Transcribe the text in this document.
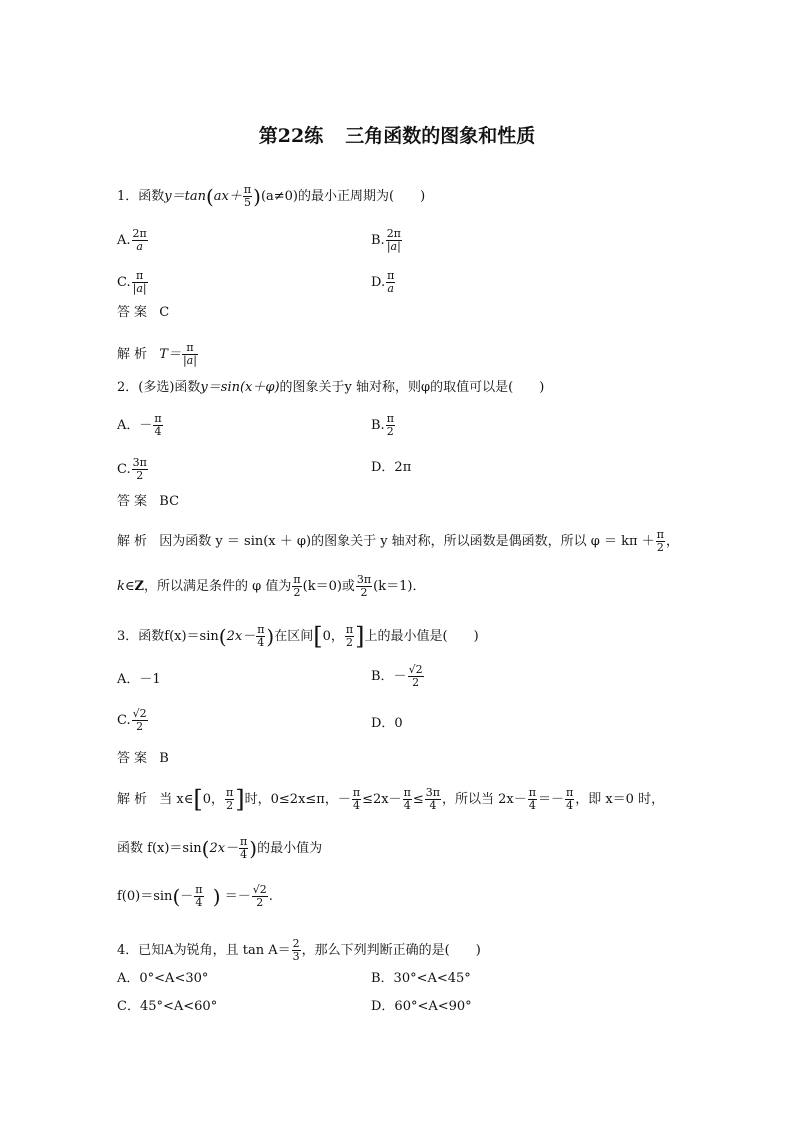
第22练 三角函数的图象和性质
1．函数$y=\tan(ax+ \frac{\pi}{5} )(a\ne 0)$的最小正周期为(　　)
A. $\frac{2\pi}{a}$	B. $\frac{2\pi}{|a|}$
C. $\frac{\pi}{|a|}$	D. $\frac{\pi}{a}$
答案 C
解析 $T= \frac{\pi}{|a|}$
2．(多选)函数y＝sin(x＋φ)的图象关于y 轴对称，则φ的取值可以是(　　)
A．－ $\frac{\pi}{4}$	B. $\frac{\pi}{2}$
C. $\frac{3\pi}{2}$	D．2π
答案 BC
解析 因为函数 y ＝ sin(x ＋ φ)的图象关于 y 轴对称，所以函数是偶函数，所以 $\varphi = k\pi + \frac{\pi}{2}$ ，
k∈Z，所以满足条件的 φ 值为 $\frac{\pi}{2} (k=0)$或 $\frac{3\pi}{2} (k=1)$．
3．函数$f(x)=\sin(2x- \frac{\pi}{4}$ )在区间[0， $\frac{\pi}{2}$ ]上的最小值是(　　)
A．－1	B．－ $\frac{√2}{2}$
C. $\frac{√2}{2}$	D．0
答案 B
解析 当 x∈[0， $\frac{\pi}{2}$ ]时，0≤2x≤π，－ $\frac{\pi}{4} \le 2x- \frac{\pi}{4} \le \frac{3\pi}{4}$ ，所以当 $2x- \frac{\pi}{4} =- \frac{\pi}{4}$ ，即 x＝0 时，
函数 $f(x)=\sin(2x- \frac{\pi}{4}$ )的最小值为
$f(0)=\sin(- \frac{\pi}{4}$ ) ＝－ $\frac{√2}{2}$ .
4．已知A为锐角，且 $\tan A= \frac{2}{3}$ ，那么下列判断正确的是(　　)
A．0°<A<30°	B．30°<A<45°
C．45°<A<60°	D．60°<A<90°
